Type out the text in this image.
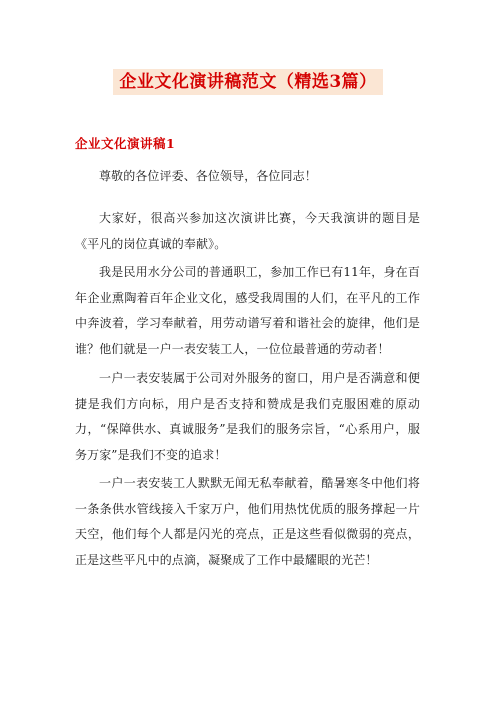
企业文化演讲稿范文（精选3篇）
企业文化演讲稿1

尊敬的各位评委、各位领导，各位同志！

大家好，很高兴参加这次演讲比赛，今天我演讲的题目是《平凡的岗位真诚的奉献》。

我是民用水分公司的普通职工，参加工作已有11年，身在百年企业熏陶着百年企业文化，感受我周围的人们，在平凡的工作中奔波着，学习奉献着，用劳动谱写着和谐社会的旋律，他们是谁？他们就是一户一表安装工人，一位位最普通的劳动者！

一户一表安装属于公司对外服务的窗口，用户是否满意和便捷是我们方向标，用户是否支持和赞成是我们克服困难的原动力，“保障供水、真诚服务”是我们的服务宗旨，“心系用户，服务万家”是我们不变的追求！

一户一表安装工人默默无闻无私奉献着，酷暑寒冬中他们将一条条供水管线接入千家万户，他们用热忱优质的服务撑起一片天空，他们每个人都是闪光的亮点，正是这些看似微弱的亮点，正是这些平凡中的点滴，凝聚成了工作中最耀眼的光芒！
